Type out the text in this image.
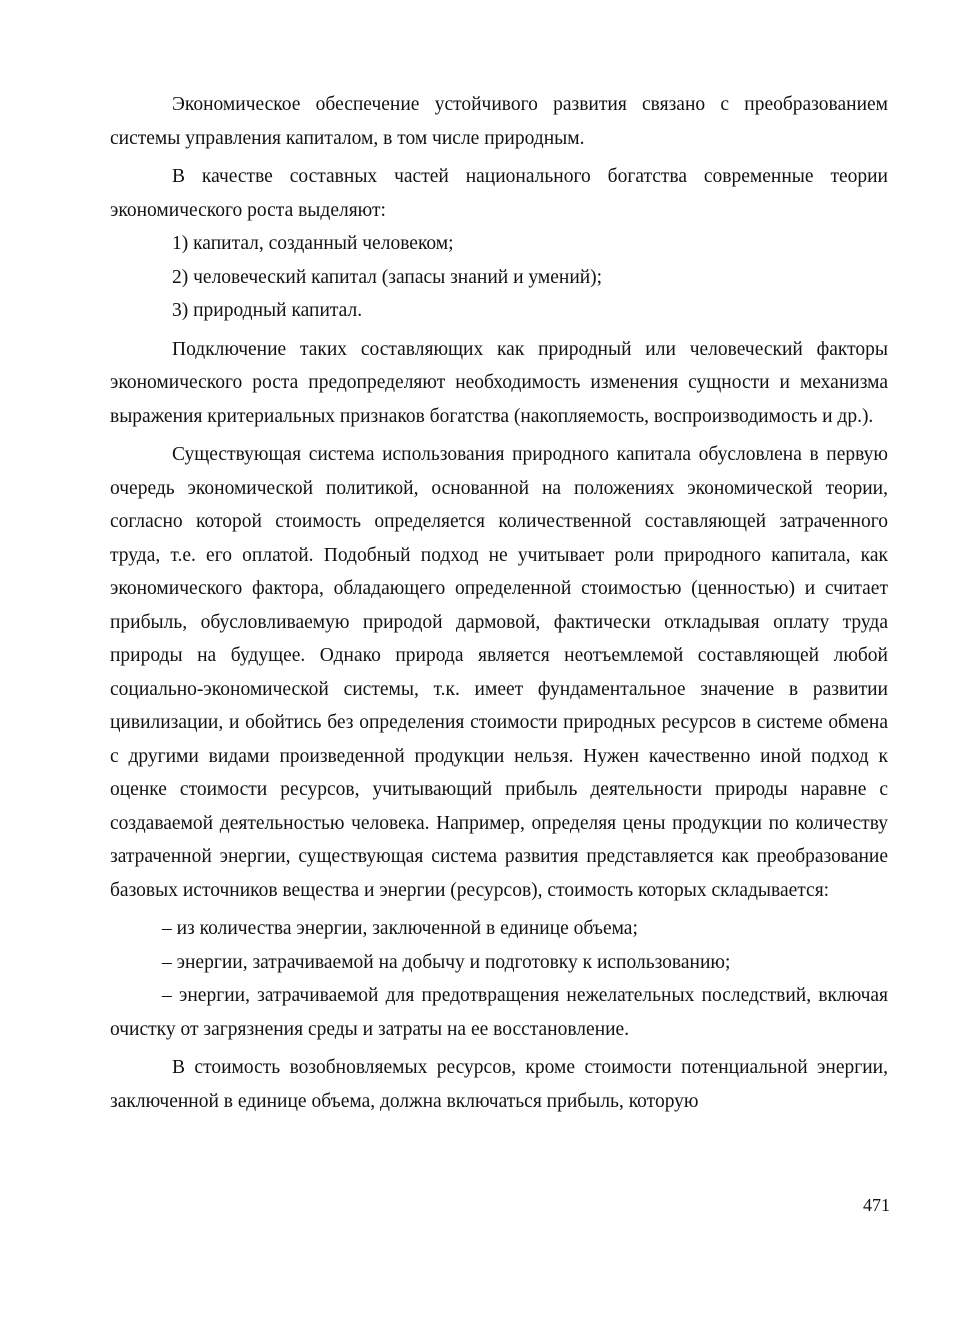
Экономическое обеспечение устойчивого развития связано с преобразованием системы управления капиталом, в том числе природным.

В качестве составных частей национального богатства современные теории экономического роста выделяют:

1) капитал, созданный человеком;

2) человеческий капитал (запасы знаний и умений);

3) природный капитал.

Подключение таких составляющих как природный или человеческий факторы экономического роста предопределяют необходимость изменения сущности и механизма выражения критериальных признаков богатства (накопляемость, воспроизводимость и др.).

Существующая система использования природного капитала обусловлена в первую очередь экономической политикой, основанной на положениях экономической теории, согласно которой стоимость определяется количественной составляющей затраченного труда, т.е. его оплатой. Подобный подход не учитывает роли природного капитала, как экономического фактора, обладающего определенной стоимостью (ценностью) и считает прибыль, обусловливаемую природой дармовой, фактически откладывая оплату труда природы на будущее. Однако природа является неотъемлемой составляющей любой социально-экономической системы, т.к. имеет фундаментальное значение в развитии цивилизации, и обойтись без определения стоимости природных ресурсов в системе обмена с другими видами произведенной продукции нельзя. Нужен качественно иной подход к оценке стоимости ресурсов, учитывающий прибыль деятельности природы наравне с создаваемой деятельностью человека. Например, определяя цены продукции по количеству затраченной энергии, существующая система развития представляется как преобразование базовых источников вещества и энергии (ресурсов), стоимость которых складывается:

– из количества энергии, заключенной в единице объема;

– энергии, затрачиваемой на добычу и подготовку к использованию;

– энергии, затрачиваемой для предотвращения нежелательных последствий, включая очистку от загрязнения среды и затраты на ее восстановление.

В стоимость возобновляемых ресурсов, кроме стоимости потенциальной энергии, заключенной в единице объема, должна включаться прибыль, которую

471
